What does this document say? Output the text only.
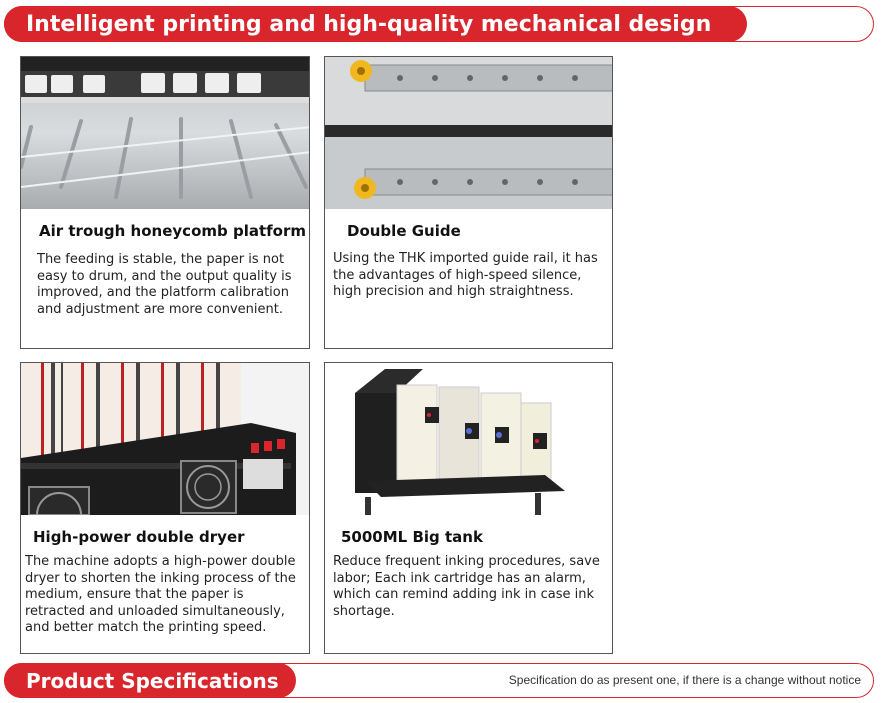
Intelligent printing and high-quality mechanical design
Air trough honeycomb platform

The feeding is stable, the paper is not easy to drum, and the output quality is improved, and the platform calibration and adjustment are more convenient.

Double Guide

Using the THK imported guide rail, it has the advantages of high-speed silence, high precision and high straightness.

High-power double dryer

The machine adopts a high-power double dryer to shorten the inking process of the medium, ensure that the paper is retracted and unloaded simultaneously, and better match the printing speed.

5000ML Big tank

Reduce frequent inking procedures, save labor; Each ink cartridge has an alarm, which can remind adding ink in case ink shortage.

Product Specifications	Specification do as present one, if there is a change without notice
